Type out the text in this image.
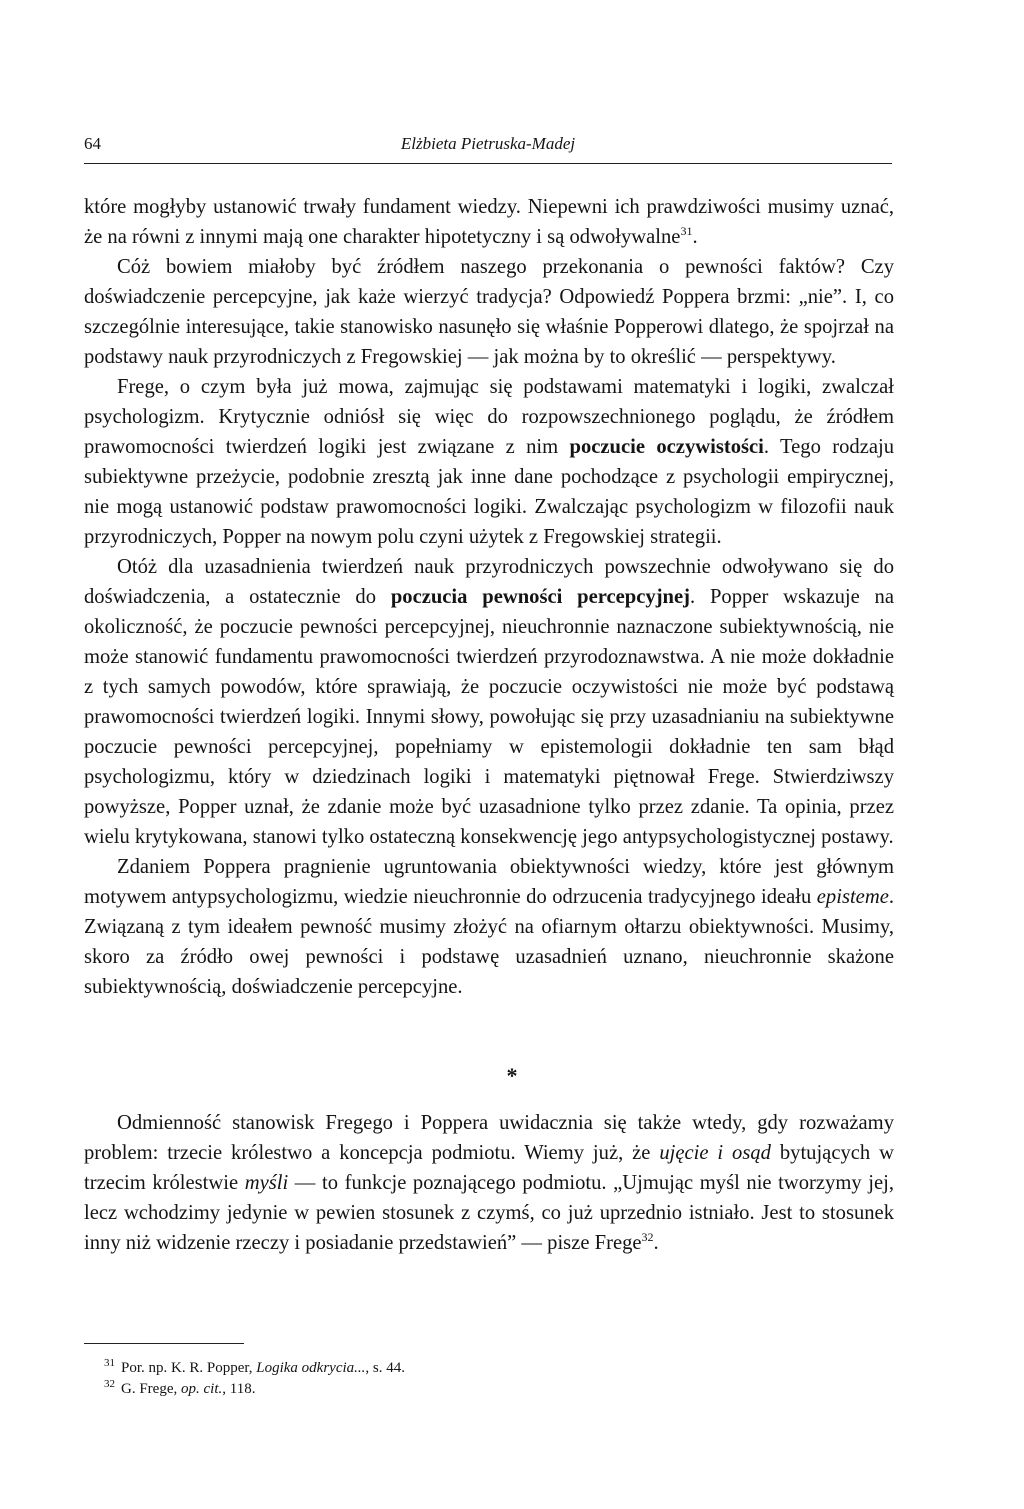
64	Elżbieta Pietruska-Madej

które mogłyby ustanowić trwały fundament wiedzy. Niepewni ich prawdziwości musimy uznać, że na równi z innymi mają one charakter hipotetyczny i są odwoływalne$^{31}$.

Cóż bowiem miałoby być źródłem naszego przekonania o pewności faktów? Czy doświadczenie percepcyjne, jak każe wierzyć tradycja? Odpowiedź Poppera brzmi: „nie”. I, co szczególnie interesujące, takie stanowisko nasunęło się właśnie Popperowi dlatego, że spojrzał na podstawy nauk przyrodniczych z Fregowskiej — jak można by to określić — perspektywy.

Frege, o czym była już mowa, zajmując się podstawami matematyki i logiki, zwalczał psychologizm. Krytycznie odniósł się więc do rozpowszechnionego poglądu, że źródłem prawomocności twierdzeń logiki jest związane z nim poczucie oczywistości. Tego rodzaju subiektywne przeżycie, podobnie zresztą jak inne dane pochodzące z psychologii empirycznej, nie mogą ustanowić podstaw prawomocności logiki. Zwalczając psychologizm w filozofii nauk przyrodniczych, Popper na nowym polu czyni użytek z Fregowskiej strategii.

Otóż dla uzasadnienia twierdzeń nauk przyrodniczych powszechnie odwoływano się do doświadczenia, a ostatecznie do poczucia pewności percepcyjnej. Popper wskazuje na okoliczność, że poczucie pewności percepcyjnej, nieuchronnie naznaczone subiektywnością, nie może stanowić fundamentu prawomocności twierdzeń przyrodoznawstwa. A nie może dokładnie z tych samych powodów, które sprawiają, że poczucie oczywistości nie może być podstawą prawomocności twierdzeń logiki. Innymi słowy, powołując się przy uzasadnianiu na subiektywne poczucie pewności percepcyjnej, popełniamy w epistemologii dokładnie ten sam błąd psychologizmu, który w dziedzinach logiki i matematyki piętnował Frege. Stwierdziwszy powyższe, Popper uznał, że zdanie może być uzasadnione tylko przez zdanie. Ta opinia, przez wielu krytykowana, stanowi tylko ostateczną konsekwencję jego antypsychologistycznej postawy.

Zdaniem Poppera pragnienie ugruntowania obiektywności wiedzy, które jest głównym motywem antypsychologizmu, wiedzie nieuchronnie do odrzucenia tradycyjnego ideału episteme. Związaną z tym ideałem pewność musimy złożyć na ofiarnym ołtarzu obiektywności. Musimy, skoro za źródło owej pewności i podstawę uzasadnień uznano, nieuchronnie skażone subiektywnością, doświadczenie percepcyjne.

*

Odmienność stanowisk Fregego i Poppera uwidacznia się także wtedy, gdy rozważamy problem: trzecie królestwo a koncepcja podmiotu. Wiemy już, że ujęcie i osąd bytujących w trzecim królestwie myśli — to funkcje poznającego podmiotu. „Ujmując myśl nie tworzymy jej, lecz wchodzimy jedynie w pewien stosunek z czymś, co już uprzednio istniało. Jest to stosunek inny niż widzenie rzeczy i posiadanie przedstawień” — pisze Frege$^{32}$.

$^{31}$ Por. np. K. R. Popper, Logika odkrycia..., s. 44.

$^{32}$ G. Frege, op. cit., 118.
